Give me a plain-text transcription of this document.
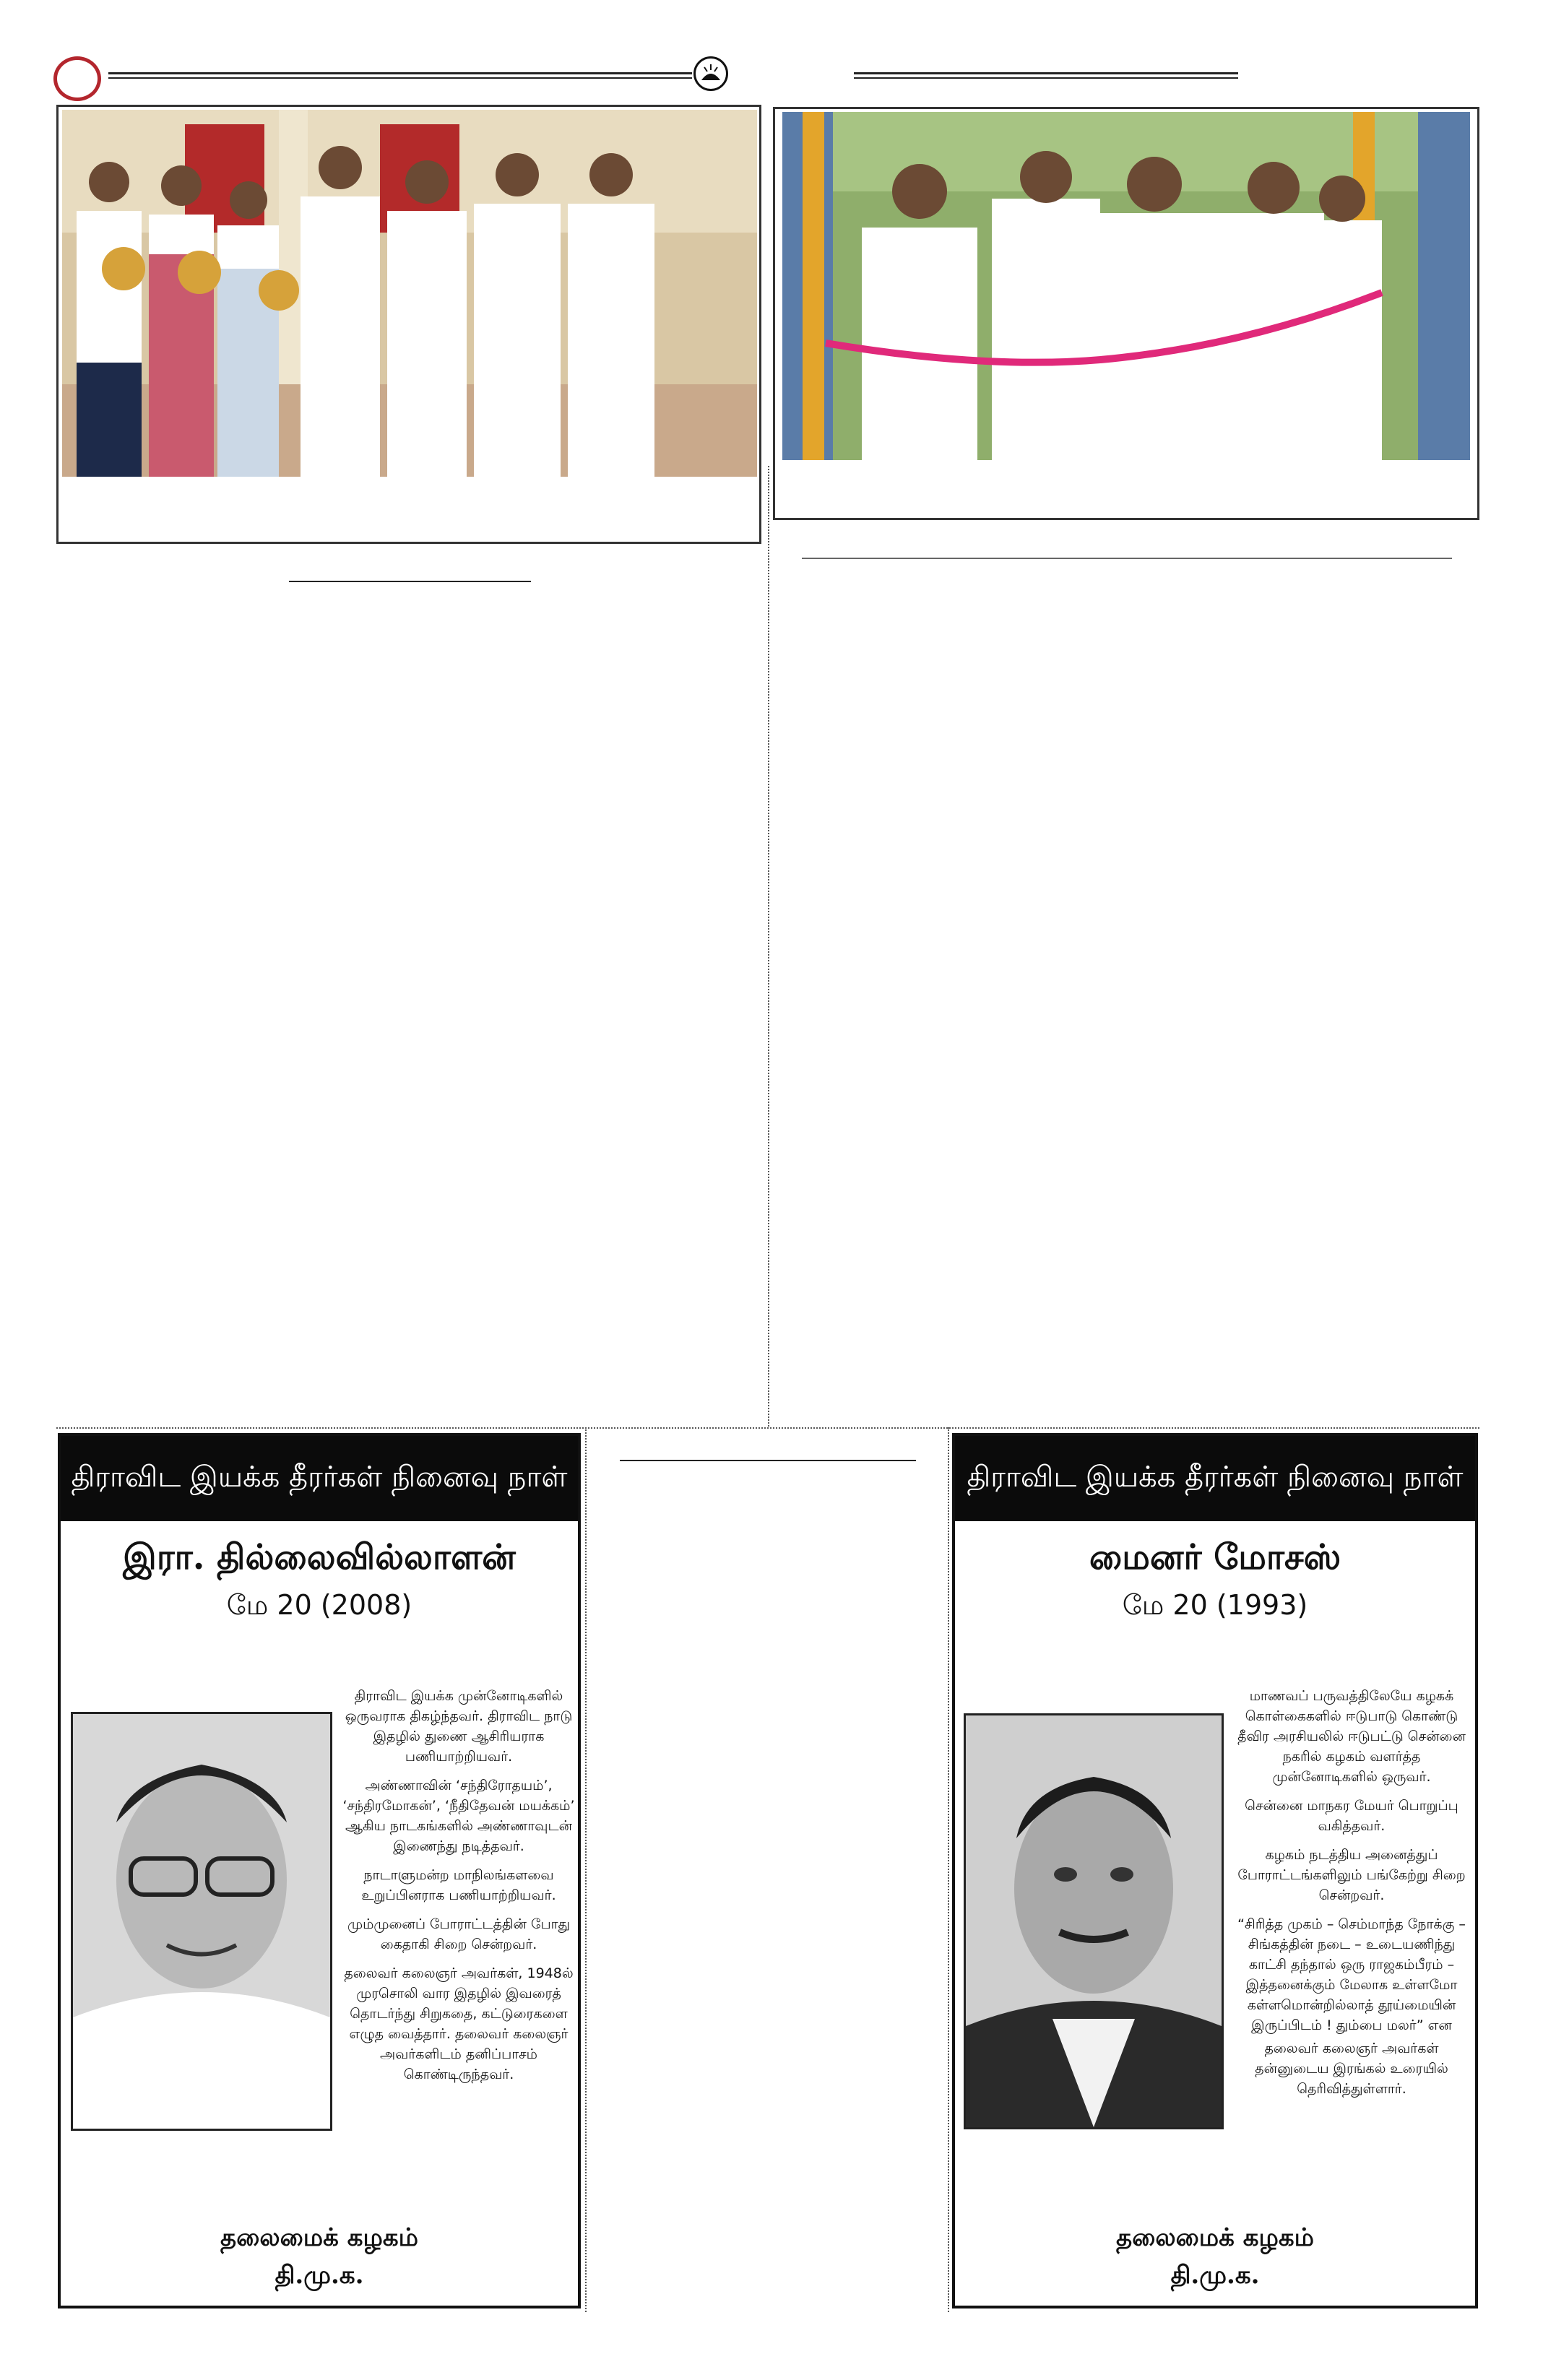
திராவிட இயக்க தீரர்கள் நினைவு நாள்
இரா. தில்லைவில்லாளன்
மே 20 (2008)

திராவிட இயக்க முன்னோடிகளில் ஒருவராக திகழ்ந்தவர். திராவிட நாடு இதழில் துணை ஆசிரியராக பணியாற்றியவர்.

அண்ணாவின் ‘சந்திரோதயம்’, ‘சந்திரமோகன்’, ‘நீதிதேவன் மயக்கம்’ ஆகிய நாடகங்களில் அண்ணாவுடன் இணைந்து நடித்தவர்.

நாடாளுமன்ற மாநிலங்களவை உறுப்பினராக பணியாற்றியவர்.

மும்முனைப் போராட்டத்தின் போது கைதாகி சிறை சென்றவர்.

தலைவர் கலைஞர் அவர்கள், 1948ல் முரசொலி வார இதழில் இவரைத் தொடர்ந்து சிறுகதை, கட்டுரைகளை எழுத வைத்தார். தலைவர் கலைஞர் அவர்களிடம் தனிப்பாசம் கொண்டிருந்தவர்.

தலைமைக் கழகம்
தி.மு.க.
திராவிட இயக்க தீரர்கள் நினைவு நாள்
மைனர் மோசஸ்
மே 20 (1993)

மாணவப் பருவத்திலேயே கழகக் கொள்கைகளில் ஈடுபாடு கொண்டு தீவிர அரசியலில் ஈடுபட்டு சென்னை நகரில் கழகம் வளர்த்த முன்னோடிகளில் ஒருவர்.

சென்னை மாநகர மேயர் பொறுப்பு வகித்தவர்.

கழகம் நடத்திய அனைத்துப் போராட்டங்களிலும் பங்கேற்று சிறை சென்றவர்.

“சிரித்த முகம் – செம்மாந்த நோக்கு – சிங்கத்தின் நடை – உடையணிந்து காட்சி தந்தால் ஒரு ராஜகம்பீரம் – இத்தனைக்கும் மேலாக உள்ளமோ கள்ளமொன்றில்லாத் தூய்மையின் இருப்பிடம் ! தும்பை மலர்” என

தலைவர் கலைஞர் அவர்கள் தன்னுடைய இரங்கல் உரையில் தெரிவித்துள்ளார்.

தலைமைக் கழகம்
தி.மு.க.
